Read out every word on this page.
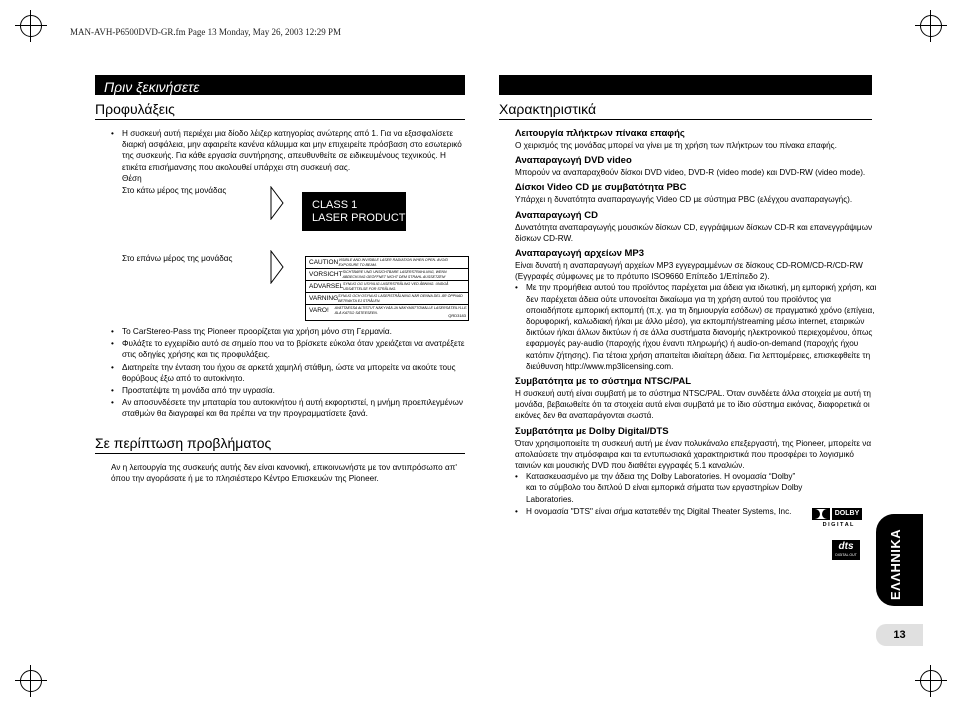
MAN-AVH-P6500DVD-GR.fm Page 13 Monday, May 26, 2003 12:29 PM
Πριν ξεκινήσετε
Προφυλάξεις
• Η συσκευή αυτή περιέχει μια δίοδο λέιζερ κατηγορίας ανώτερης από 1. Για να εξασφαλίσετε διαρκή ασφάλεια, μην αφαιρείτε κανένα κάλυμμα και μην επιχειρείτε πρόσβαση στο εσωτερικό της συσκευής. Για κάθε εργασία συντήρησης, απευθυνθείτε σε ειδικευμένους τεχνικούς. Η ετικέτα επισήμανσης που ακολουθεί υπάρχει στη συσκευή σας.
Θέση
Στο κάτω μέρος της μονάδας
CLASS 1
LASER PRODUCT
Στο επάνω μέρος της μονάδας	CAUTION VISIBLE AND INVISIBLE LASER RADIATION WHEN OPEN. AVOID EXPOSURE TO BEAM.
VORSICHT SICHTBARE UND UNSICHTBARE LASERSTRAHLUNG, WENN ABDECKUNG GEÖFFNET NICHT DEM STRAHL AUSSETZEN!
ADVARSEL SYNLIG OG USYNLIG LASERSTRÅLING VED ÅBNING. UNDGÅ UDSÆTTELSE FOR STRÅLING.
VARNING SYNLIG OCH OSYNLIG LASERSTRÅLNING NÄR DENNA DEL ÄR ÖPPNAD BETRAKTA EJ STRÅLEN.
VARO!	AVATTAESSA ALTISTUT NÄKYVÄÄ JA NÄKYMÄTTÖMÄLLE LASERSÄTEILYLLE. ÄLÄ KATSO SÄTEESEEN.
QRD3183
• Το CarStereo-Pass της Pioneer προορίζεται για χρήση μόνο στη Γερμανία.
• Φυλάξτε το εγχειρίδιο αυτό σε σημείο που να το βρίσκετε εύκολα όταν χρειάζεται να ανατρέξετε στις οδηγίες χρήσης και τις προφυλάξεις.
• Διατηρείτε την ένταση του ήχου σε αρκετά χαμηλή στάθμη, ώστε να μπορείτε να ακούτε τους θορύβους έξω από το αυτοκίνητο.
• Προστατέψτε τη μονάδα από την υγρασία.
• Αν αποσυνδέσετε την μπαταρία του αυτοκινήτου ή αυτή εκφορτιστεί, η μνήμη προεπιλεγμένων σταθμών θα διαγραφεί και θα πρέπει να την προγραμματίσετε ξανά.
Σε περίπτωση προβλήματος
Αν η λειτουργία της συσκευής αυτής δεν είναι κανονική, επικοινωνήστε με τον αντιπρόσωπο απ' όπου την αγοράσατε ή με το πλησιέστερο Κέντρο Επισκευών της Pioneer.
Χαρακτηριστικά
Λειτουργία πλήκτρων πίνακα επαφής
Ο χειρισμός της μονάδας μπορεί να γίνει με τη χρήση των πλήκτρων του πίνακα επαφής.
Αναπαραγωγή DVD video
Μπορούν να αναπαραχθούν δίσκοι DVD video, DVD-R (video mode) και DVD-RW (video mode).
Δίσκοι Video CD με συμβατότητα PBC
Υπάρχει η δυνατότητα αναπαραγωγής Video CD με σύστημα PBC (ελέγχου αναπαραγωγής).
Αναπαραγωγή CD
Δυνατότητα αναπαραγωγής μουσικών δίσκων CD, εγγράψιμων δίσκων CD-R και επανεγγράψιμων δίσκων CD-RW.
Αναπαραγωγή αρχείων MP3
Είναι δυνατή η αναπαραγωγή αρχείων MP3 εγγεγραμμένων σε δίσκους CD-ROM/CD-R/CD-RW (Εγγραφές σύμφωνες με το πρότυπο ISO9660 Επίπεδο 1/Επίπεδο 2).
• Με την προμήθεια αυτού του προϊόντος παρέχεται μια άδεια για ιδιωτική, μη εμπορική χρήση, και δεν παρέχεται άδεια ούτε υπονοείται δικαίωμα για τη χρήση αυτού του προϊόντος για οποιαδήποτε εμπορική εκπομπή (π.χ. για τη δημιουργία εσόδων) σε πραγματικό χρόνο (επίγεια, δορυφορική, καλωδιακή ή/και με άλλο μέσο), για εκπομπή/streaming μέσω internet, εταιρικών δικτύων ή/και άλλων δικτύων ή σε άλλα συστήματα διανομής ηλεκτρονικού περιεχομένου, όπως εφαρμογές pay-audio (παροχής ήχου έναντι πληρωμής) ή audio-on-demand (παροχής ήχου κατόπιν ζήτησης). Για τέτοια χρήση απαιτείται ιδιαίτερη άδεια. Για λεπτομέρειες, επισκεφθείτε τη διεύθυνση http://www.mp3licensing.com.
Συμβατότητα με το σύστημα NTSC/PAL
Η συσκευή αυτή είναι συμβατή με το σύστημα NTSC/PAL. Όταν συνδέετε άλλα στοιχεία με αυτή τη μονάδα, βεβαιωθείτε ότι τα στοιχεία αυτά είναι συμβατά με το ίδιο σύστημα εικόνας, διαφορετικά οι εικόνες δεν θα αναπαράγονται σωστά.
Συμβατότητα με Dolby Digital/DTS
Όταν χρησιμοποιείτε τη συσκευή αυτή με έναν πολυκάναλο επεξεργαστή, της Pioneer, μπορείτε να απολαύσετε την ατμόσφαιρα και τα εντυπωσιακά χαρακτηριστικά που προσφέρει το λογισμικό ταινιών και μουσικής DVD που διαθέτει εγγραφές 5.1 καναλιών.
• Κατασκευασμένο με την άδεια της Dolby Laboratories. Η ονομασία “Dolby” και το σύμβολο του διπλού D είναι εμπορικά σήματα των εργαστηρίων Dolby Laboratories.
• Η ονομασία "DTS" είναι σήμα κατατεθέν της Digital Theater Systems, Inc.	DOLBY
D I G I T A L
dts
DIGITAL OUT ΕΛΛΗΝΙΚΑ
13
